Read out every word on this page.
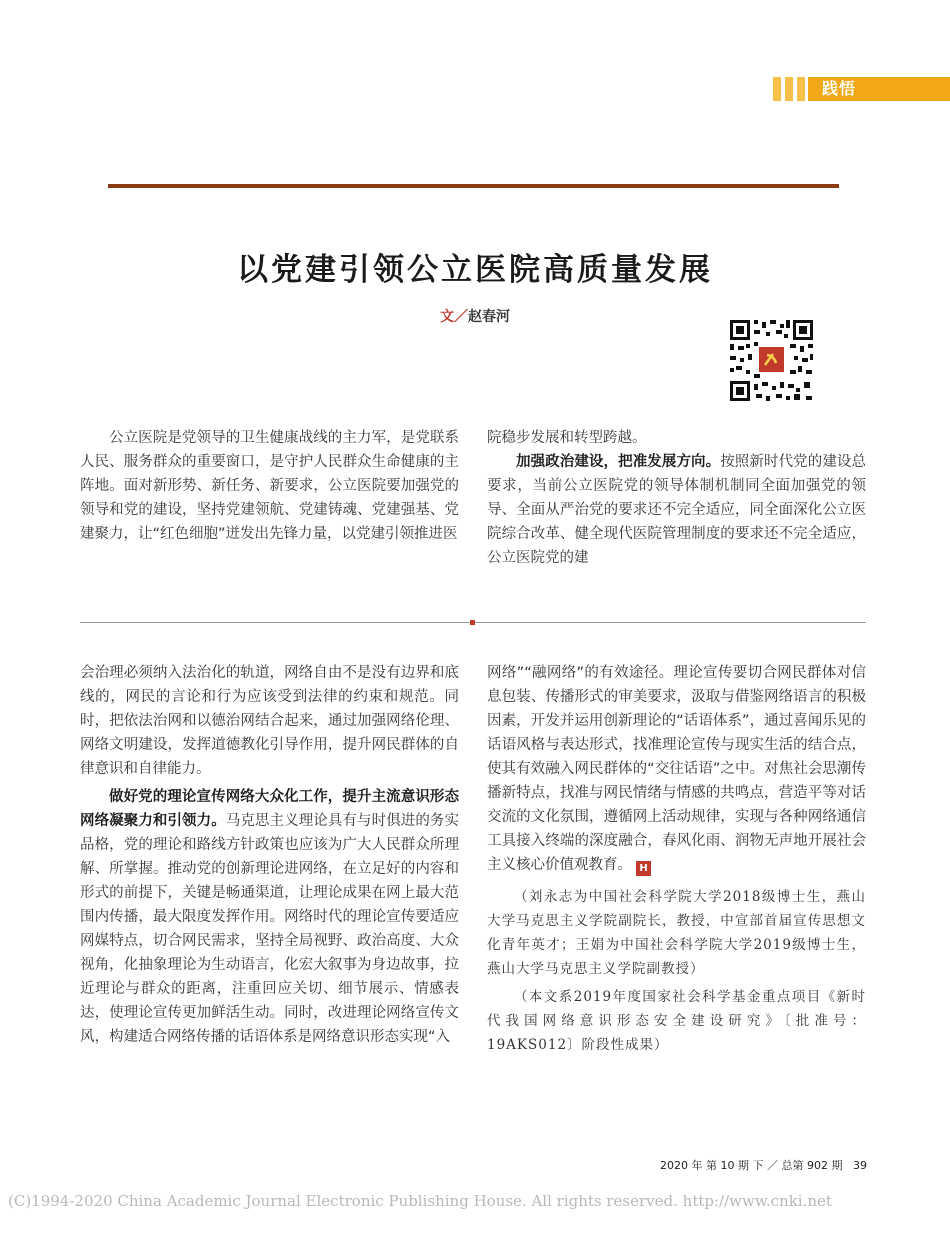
践悟
以党建引领公立医院高质量发展
文／赵春河

公立医院是党领导的卫生健康战线的主力军，是党联系人民、服务群众的重要窗口，是守护人民群众生命健康的主阵地。面对新形势、新任务、新要求，公立医院要加强党的领导和党的建设，坚持党建领航、党建铸魂、党建强基、党建聚力，让“红色细胞”迸发出先锋力量，以党建引领推进医

院稳步发展和转型跨越。

加强政治建设，把准发展方向。按照新时代党的建设总要求，当前公立医院党的领导体制机制同全面加强党的领导、全面从严治党的要求还不完全适应，同全面深化公立医院综合改革、健全现代医院管理制度的要求还不完全适应，公立医院党的建

会治理必须纳入法治化的轨道，网络自由不是没有边界和底线的，网民的言论和行为应该受到法律的约束和规范。同时，把依法治网和以德治网结合起来，通过加强网络伦理、网络文明建设，发挥道德教化引导作用，提升网民群体的自律意识和自律能力。

做好党的理论宣传网络大众化工作，提升主流意识形态网络凝聚力和引领力。马克思主义理论具有与时俱进的务实品格，党的理论和路线方针政策也应该为广大人民群众所理解、所掌握。推动党的创新理论进网络，在立足好的内容和形式的前提下，关键是畅通渠道，让理论成果在网上最大范围内传播，最大限度发挥作用。网络时代的理论宣传要适应网媒特点，切合网民需求，坚持全局视野、政治高度、大众视角，化抽象理论为生动语言，化宏大叙事为身边故事，拉近理论与群众的距离，注重回应关切、细节展示、情感表达，使理论宣传更加鲜活生动。同时，改进理论网络宣传文风，构建适合网络传播的话语体系是网络意识形态实现“入

网络”“融网络”的有效途径。理论宣传要切合网民群体对信息包装、传播形式的审美要求，汲取与借鉴网络语言的积极因素，开发并运用创新理论的“话语体系”，通过喜闻乐见的话语风格与表达形式，找准理论宣传与现实生活的结合点，使其有效融入网民群体的“交往话语”之中。对焦社会思潮传播新特点，找准与网民情绪与情感的共鸣点，营造平等对话交流的文化氛围，遵循网上活动规律，实现与各种网络通信工具接入终端的深度融合，春风化雨、润物无声地开展社会主义核心价值观教育。 H

（刘永志为中国社会科学院大学2018级博士生，燕山大学马克思主义学院副院长，教授，中宣部首届宣传思想文化青年英才；王娟为中国社会科学院大学2019级博士生，燕山大学马克思主义学院副教授）

（本文系2019年度国家社会科学基金重点项目《新时代我国网络意识形态安全建设研究》〔批准号：19AKS012〕阶段性成果）

2020 年 第 10 期 下 ／ 总第 902 期 39
(C)1994-2020 China Academic Journal Electronic Publishing House. All rights reserved. http://www.cnki.net
